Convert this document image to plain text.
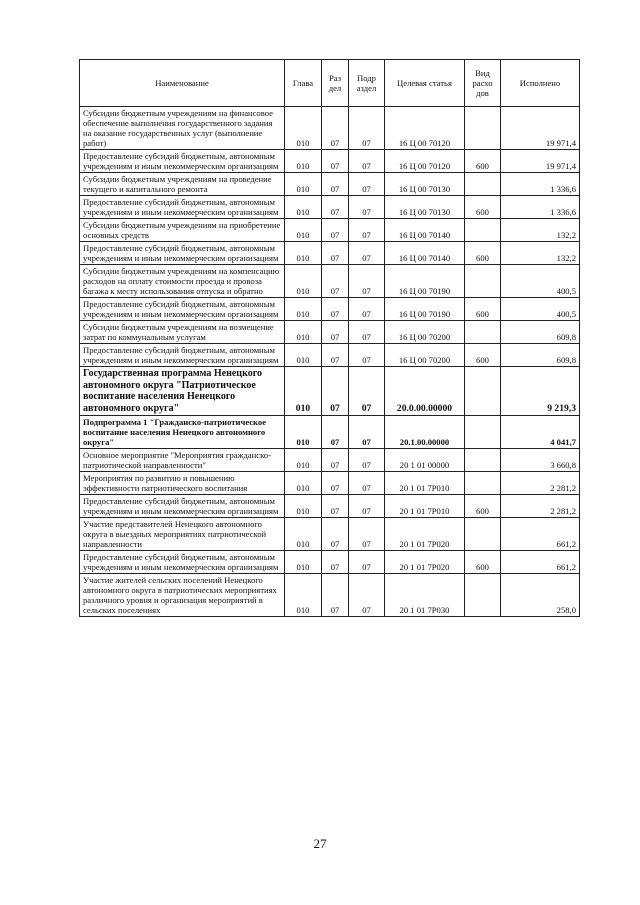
Наименование	Глава	Раз дел	Подр аздел	Целевая статья	Вид расхо дов	Исполнено
Субсидии бюджетным учреждениям на финансовое обеспечение выполнения государственного задания на оказание государственных услуг (выполнение работ)	010	07	07	16 Ц 00 70120		19 971,4
Предоставление субсидий бюджетным, автономным учреждениям и иным некоммерческим организациям	010	07	07	16 Ц 00 70120	600	19 971,4
Субсидии бюджетным учреждениям на проведение текущего и капитального ремонта	010	07	07	16 Ц 00 70130		1 336,6
Предоставление субсидий бюджетным, автономным учреждениям и иным некоммерческим организациям	010	07	07	16 Ц 00 70130	600	1 336,6
Субсидии бюджетным учреждениям на приобретение основных средств	010	07	07	16 Ц 00 70140		132,2
Предоставление субсидий бюджетным, автономным учреждениям и иным некоммерческим организациям	010	07	07	16 Ц 00 70140	600	132,2
Субсидии бюджетным учреждениям на компенсацию расходов на оплату стоимости проезда и провоза багажа к месту использования отпуска и обратно	010	07	07	16 Ц 00 70190		400,5
Предоставление субсидий бюджетным, автономным учреждениям и иным некоммерческим организациям	010	07	07	16 Ц 00 70190	600	400,5
Субсидии бюджетным учреждениям на возмещение затрат по коммунальным услугам	010	07	07	16 Ц 00 70200		609,8
Предоставление субсидий бюджетным, автономным учреждениям и иным некоммерческим организациям	010	07	07	16 Ц 00 70200	600	609,8
Государственная программа Ненецкого автономного округа "Патриотическое воспитание населения Ненецкого автономного округа"	010	07	07	20.0.00.00000		9 219,3
Подпрограмма 1 "Гражданско-патриотическое воспитание населения Ненецкого автономного округа"	010	07	07	20.1.00.00000		4 041,7
Основное мероприятие "Мероприятия гражданско-патриотической направленности"	010	07	07	20 1 01 00000		3 660,8
Мероприятия по развитию и повышению эффективности патриотического воспитания	010	07	07	20 1 01 7Р010		2 281,2
Предоставление субсидий бюджетным, автономным учреждениям и иным некоммерческим организациям	010	07	07	20 1 01 7Р010	600	2 281,2
Участие представителей Ненецкого автономного округа в выездных мероприятиях патриотической направленности	010	07	07	20 1 01 7Р020		661,2
Предоставление субсидий бюджетным, автономным учреждениям и иным некоммерческим организациям	010	07	07	20 1 01 7Р020	600	661,2
Участие жителей сельских поселений Ненецкого автономного округа в патриотических мероприятиях различного уровня и организация мероприятий в сельских поселениях	010	07	07	20 1 01 7Р030		258,0
27
